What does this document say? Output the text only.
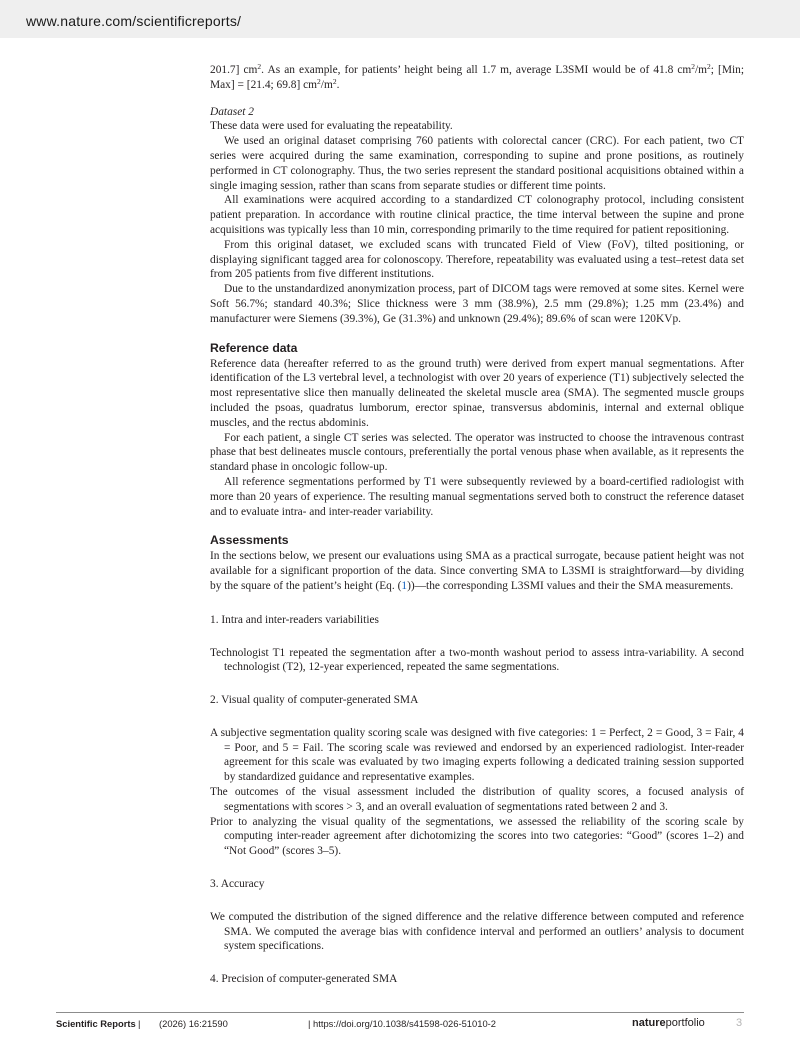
www.nature.com/scientificreports/

201.7] $cm^2$. As an example, for patients’ height being all 1.7 m, average L3SMI would be of 41.8 $cm^2/m^2$; [Min; Max] = [21.4; 69.8] $cm^2/m^2$.

Dataset 2

These data were used for evaluating the repeatability.

We used an original dataset comprising 760 patients with colorectal cancer (CRC). For each patient, two CT series were acquired during the same examination, corresponding to supine and prone positions, as routinely performed in CT colonography. Thus, the two series represent the standard positional acquisitions obtained within a single imaging session, rather than scans from separate studies or different time points.

All examinations were acquired according to a standardized CT colonography protocol, including consistent patient preparation. In accordance with routine clinical practice, the time interval between the supine and prone acquisitions was typically less than 10 min, corresponding primarily to the time required for patient repositioning.

From this original dataset, we excluded scans with truncated Field of View (FoV), tilted positioning, or displaying significant tagged area for colonoscopy. Therefore, repeatability was evaluated using a test–retest data set from 205 patients from five different institutions.

Due to the unstandardized anonymization process, part of DICOM tags were removed at some sites. Kernel were Soft 56.7%; standard 40.3%; Slice thickness were 3 mm (38.9%), 2.5 mm (29.8%); 1.25 mm (23.4%) and manufacturer were Siemens (39.3%), Ge (31.3%) and unknown (29.4%); 89.6% of scan were 120KVp.

Reference data

Reference data (hereafter referred to as the ground truth) were derived from expert manual segmentations. After identification of the L3 vertebral level, a technologist with over 20 years of experience (T1) subjectively selected the most representative slice then manually delineated the skeletal muscle area (SMA). The segmented muscle groups included the psoas, quadratus lumborum, erector spinae, transversus abdominis, internal and external oblique muscles, and the rectus abdominis.

For each patient, a single CT series was selected. The operator was instructed to choose the intravenous contrast phase that best delineates muscle contours, preferentially the portal venous phase when available, as it represents the standard phase in oncologic follow-up.

All reference segmentations performed by T1 were subsequently reviewed by a board-certified radiologist with more than 20 years of experience. The resulting manual segmentations served both to construct the reference dataset and to evaluate intra- and inter-reader variability.

Assessments

In the sections below, we present our evaluations using SMA as a practical surrogate, because patient height was not available for a significant proportion of the data. Since converting SMA to L3SMI is straightforward—by dividing by the square of the patient’s height (Eq. (1))—the corresponding L3SMI values and their the SMA measurements.

1. Intra and inter-readers variabilities

Technologist T1 repeated the segmentation after a two-month washout period to assess intra-variability. A second technologist (T2), 12-year experienced, repeated the same segmentations.

2. Visual quality of computer-generated SMA

A subjective segmentation quality scoring scale was designed with five categories: 1 = Perfect, 2 = Good, 3 = Fair, 4 = Poor, and 5 = Fail. The scoring scale was reviewed and endorsed by an experienced radiologist. Inter-reader agreement for this scale was evaluated by two imaging experts following a dedicated training session supported by standardized guidance and representative examples.

The outcomes of the visual assessment included the distribution of quality scores, a focused analysis of segmentations with scores > 3, and an overall evaluation of segmentations rated between 2 and 3.

Prior to analyzing the visual quality of the segmentations, we assessed the reliability of the scoring scale by computing inter-reader agreement after dichotomizing the scores into two categories: “Good” (scores 1–2) and “Not Good” (scores 3–5).

3. Accuracy

We computed the distribution of the signed difference and the relative difference between computed and reference SMA. We computed the average bias with confidence interval and performed an outliers’ analysis to document system specifications.

4. Precision of computer-generated SMA

Scientific Reports | (2026) 16:21590	| https://doi.org/10.1038/s41598-026-51010-2	natureportfolio	3
